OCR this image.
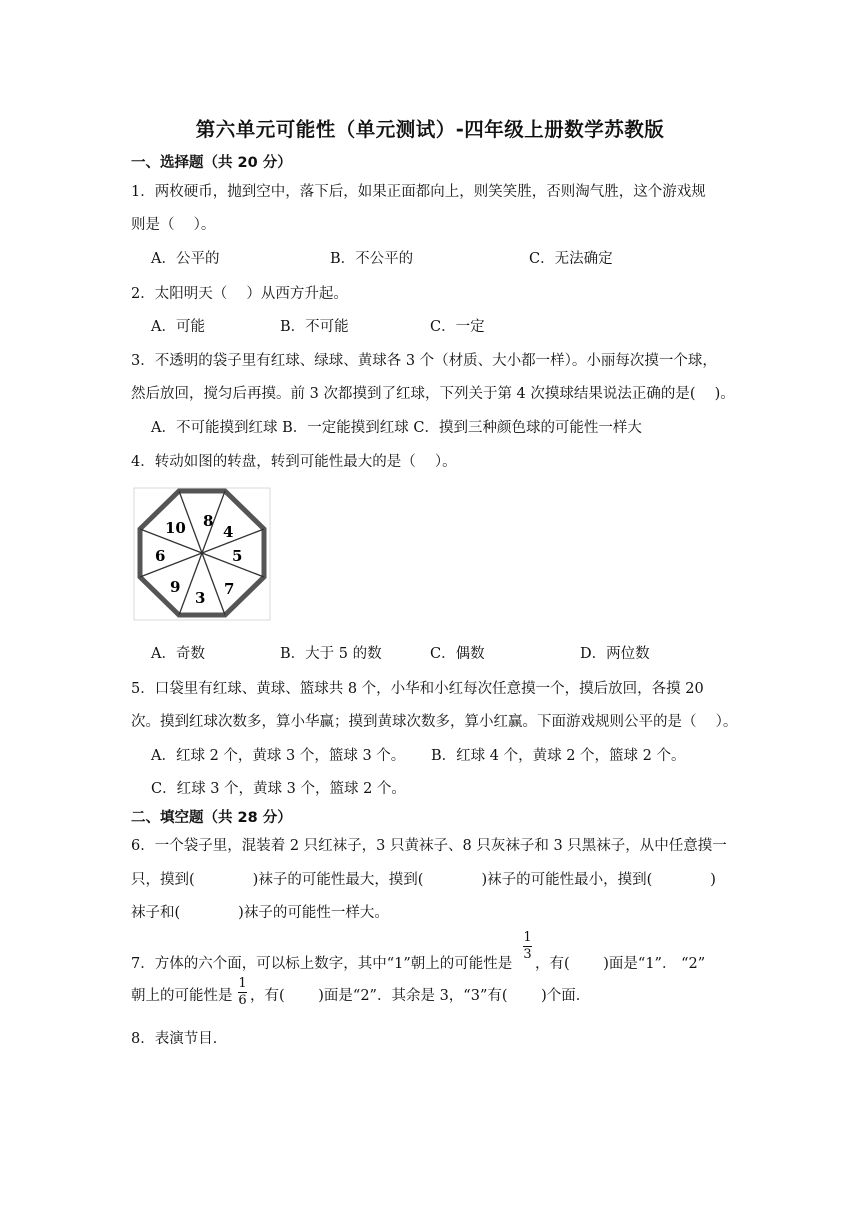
第六单元可能性（单元测试）-四年级上册数学苏教版
一、选择题（共 20 分）
1．两枚硬币，抛到空中，落下后，如果正面都向上，则笑笑胜，否则淘气胜，这个游戏规
则是（　 ）。
A．公平的	B．不公平的	C．无法确定
2．太阳明天（　 ）从西方升起。
A．可能	B．不可能	C．一定
3．不透明的袋子里有红球、绿球、黄球各 3 个（材质、大小都一样）。小丽每次摸一个球，
然后放回，搅匀后再摸。前 3 次都摸到了红球，下列关于第 4 次摸球结果说法正确的是(　 )。
A．不可能摸到红球 B．一定能摸到红球 C．摸到三种颜色球的可能性一样大
4．转动如图的转盘，转到可能性最大的是（　 ）。
8
4
5
7
3
9
6
10
A．奇数	B．大于 5 的数	C．偶数	D．两位数
5．口袋里有红球、黄球、篮球共 8 个，小华和小红每次任意摸一个，摸后放回，各摸 20
次。摸到红球次数多，算小华赢；摸到黄球次数多，算小红赢。下面游戏规则公平的是（　 ）。
A．红球 2 个，黄球 3 个，篮球 3 个。 B．红球 4 个，黄球 2 个，篮球 2 个。
C．红球 3 个，黄球 3 个，篮球 2 个。
二、填空题（共 28 分）
6．一个袋子里，混装着 2 只红袜子，3 只黄袜子、8 只灰袜子和 3 只黑袜子，从中任意摸一
只，摸到(　　　　)袜子的可能性最大，摸到(　　　　)袜子的可能性最小，摸到(　　　　)
袜子和(　　　　)袜子的可能性一样大。
7．方体的六个面，可以标上数字，其中“1”朝上的可能性是
1
3
，有(　　 )面是“1”． “2”
朝上的可能性是
1
6 ，有(　　 )面是“2”．其余是 3，“3”有(　　 )个面．
8．表演节目．
